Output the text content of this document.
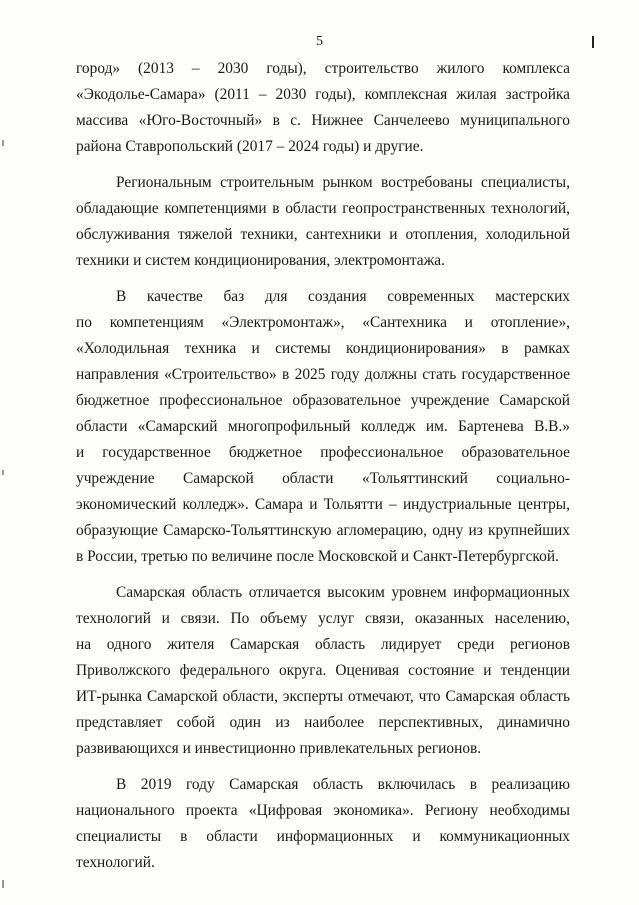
5
город» (2013 – 2030 годы), строительство жилого комплекса
«Экодолье-Самара» (2011 – 2030 годы), комплексная жилая застройка
массива «Юго-Восточный» в с. Нижнее Санчелеево муниципального
района Ставропольский (2017 – 2024 годы) и другие.
Региональным строительным рынком востребованы специалисты,
обладающие компетенциями в области геопространственных технологий,
обслуживания тяжелой техники, сантехники и отопления, холодильной
техники и систем кондиционирования, электромонтажа.
В качестве баз для создания современных мастерских
по компетенциям «Электромонтаж», «Сантехника и отопление»,
«Холодильная техника и системы кондиционирования» в рамках
направления «Строительство» в 2025 году должны стать государственное
бюджетное профессиональное образовательное учреждение Самарской
области «Самарский многопрофильный колледж им. Бартенева В.В.»
и государственное бюджетное профессиональное образовательное
учреждение Самарской области «Тольяттинский социально-
экономический колледж». Самара и Тольятти – индустриальные центры,
образующие Самарско-Тольяттинскую агломерацию, одну из крупнейших
в России, третью по величине после Московской и Санкт-Петербургской.
Самарская область отличается высоким уровнем информационных
технологий и связи. По объему услуг связи, оказанных населению,
на одного жителя Самарская область лидирует среди регионов
Приволжского федерального округа. Оценивая состояние и тенденции
ИТ-рынка Самарской области, эксперты отмечают, что Самарская область
представляет собой один из наиболее перспективных, динамично
развивающихся и инвестиционно привлекательных регионов.
В 2019 году Самарская область включилась в реализацию
национального проекта «Цифровая экономика». Региону необходимы
специалисты в области информационных и коммуникационных
технологий.
